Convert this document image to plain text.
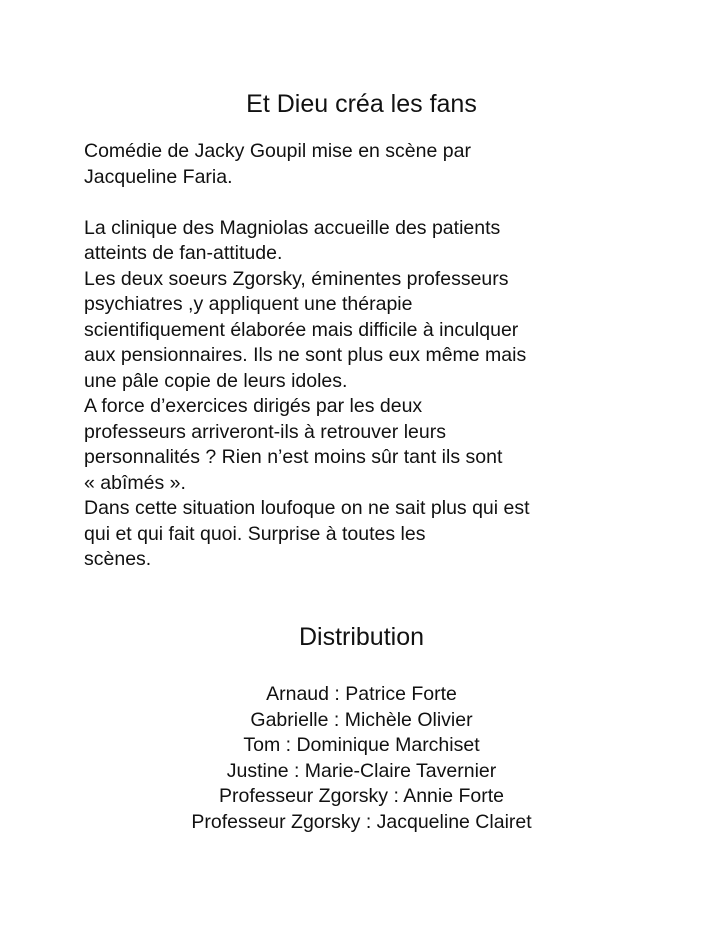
Et Dieu créa les fans
Comédie de Jacky Goupil mise en scène par
Jacqueline Faria.
La clinique des Magniolas accueille des patients
atteints de fan-attitude.
Les deux soeurs Zgorsky, éminentes professeurs
psychiatres ,y appliquent une thérapie
scientifiquement élaborée mais difficile à inculquer
aux pensionnaires. Ils ne sont plus eux même mais
une pâle copie de leurs idoles.
A force d’exercices dirigés par les deux
professeurs arriveront-ils à retrouver leurs
personnalités ? Rien n’est moins sûr tant ils sont
« abîmés ».
Dans cette situation loufoque on ne sait plus qui est
qui et qui fait quoi. Surprise à toutes les
scènes.
Distribution
Arnaud : Patrice Forte
Gabrielle : Michèle Olivier
Tom : Dominique Marchiset
Justine : Marie-Claire Tavernier
Professeur Zgorsky : Annie Forte
Professeur Zgorsky : Jacqueline Clairet
